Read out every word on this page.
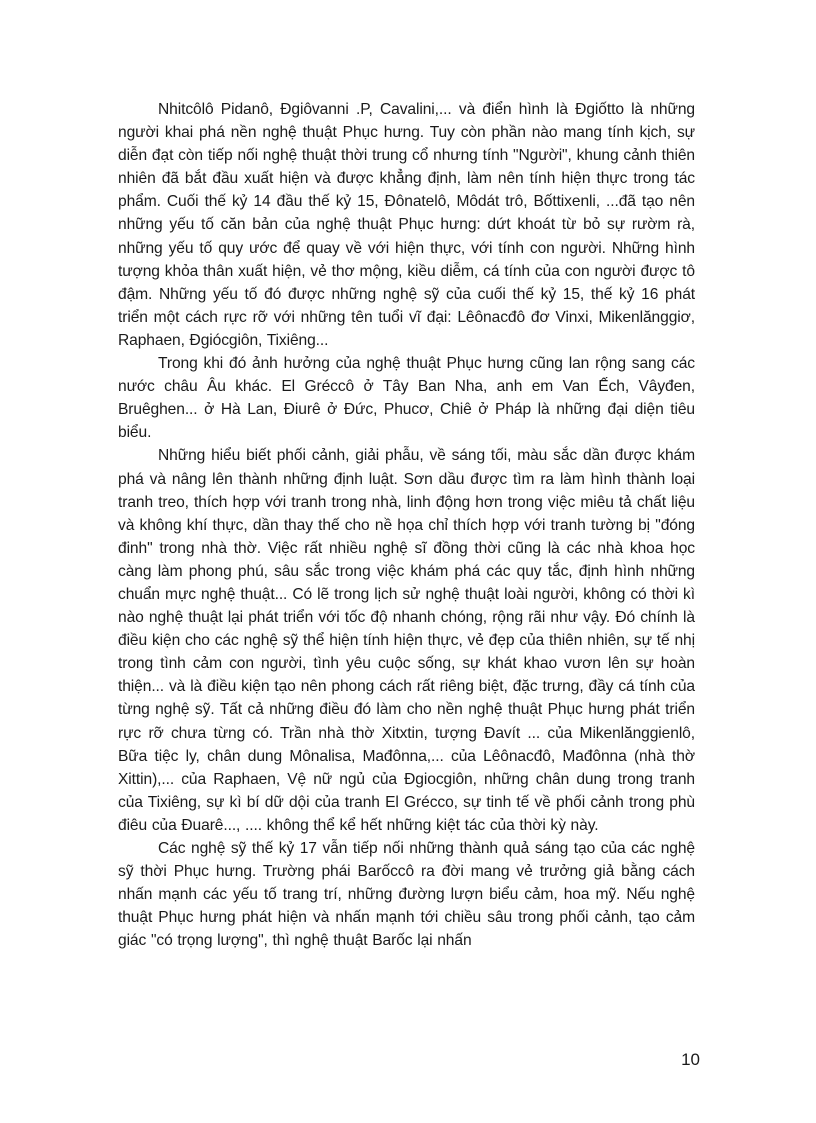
Nhitcôlô Pidanô, Đgiôvanni .P, Cavalini,... và điển hình là Đgiốtto là những người khai phá nền nghệ thuật Phục hưng. Tuy còn phần nào mang tính kịch, sự diễn đạt còn tiếp nối nghệ thuật thời trung cổ nhưng tính "Người", khung cảnh thiên nhiên đã bắt đầu xuất hiện và được khẳng định, làm nên tính hiện thực trong tác phẩm. Cuối thế kỷ 14 đầu thế kỷ 15, Đônatelô, Môdát trô, Bốttixenli, ...đã tạo nên những yếu tố căn bản của nghệ thuật Phục hưng: dứt khoát từ bỏ sự rườm rà, những yếu tố quy ước để quay về với hiện thực, với tính con người. Những hình tượng khỏa thân xuất hiện, vẻ thơ mộng, kiều diễm, cá tính của con người được tô đậm. Những yếu tố đó được những nghệ sỹ của cuối thế kỷ 15, thế kỷ 16 phát triển một cách rực rỡ với những tên tuổi vĩ đại: Lêônacđô đơ Vinxi, Mikenlănggiơ, Raphaen, Đgiócgiôn, Tixiêng...

Trong khi đó ảnh hưởng của nghệ thuật Phục hưng cũng lan rộng sang các nước châu Âu khác. El Gréccô ở Tây Ban Nha, anh em Van Ếch, Vâyđen, Bruêghen... ở Hà Lan, Điurê ở Đức, Phucơ, Chiê ở Pháp là những đại diện tiêu biểu.

Những hiểu biết phối cảnh, giải phẫu, về sáng tối, màu sắc dần được khám phá và nâng lên thành những định luật. Sơn dầu được tìm ra làm hình thành loại tranh treo, thích hợp với tranh trong nhà, linh động hơn trong việc miêu tả chất liệu và không khí thực, dần thay thế cho nề họa chỉ thích hợp với tranh tường bị "đóng đinh" trong nhà thờ. Việc rất nhiều nghệ sĩ đồng thời cũng là các nhà khoa học càng làm phong phú, sâu sắc trong việc khám phá các quy tắc, định hình những chuẩn mực nghệ thuật... Có lẽ trong lịch sử nghệ thuật loài người, không có thời kì nào nghệ thuật lại phát triển với tốc độ nhanh chóng, rộng rãi như vậy. Đó chính là điều kiện cho các nghệ sỹ thể hiện tính hiện thực, vẻ đẹp của thiên nhiên, sự tế nhị trong tình cảm con người, tình yêu cuộc sống, sự khát khao vươn lên sự hoàn thiện... và là điều kiện tạo nên phong cách rất riêng biệt, đặc trưng, đầy cá tính của từng nghệ sỹ. Tất cả những điều đó làm cho nền nghệ thuật Phục hưng phát triển rực rỡ chưa từng có. Trần nhà thờ Xitxtin, tượng Đavít ... của Mikenlănggienlô, Bữa tiệc ly, chân dung Mônalisa, Mađônna,... của Lêônacđô, Mađônna (nhà thờ Xittin),... của Raphaen, Vệ nữ ngủ của Đgiocgiôn, những chân dung trong tranh của Tixiêng, sự kì bí dữ dội của tranh El Grécco, sự tinh tế về phối cảnh trong phù điêu của Đuarê..., .... không thể kể hết những kiệt tác của thời kỳ này.

Các nghệ sỹ thế kỷ 17 vẫn tiếp nối những thành quả sáng tạo của các nghệ sỹ thời Phục hưng. Trường phái Barốccô ra đời mang vẻ trưởng giả bằng cách nhấn mạnh các yếu tố trang trí, những đường lượn biểu cảm, hoa mỹ. Nếu nghệ thuật Phục hưng phát hiện và nhấn mạnh tới chiều sâu trong phối cảnh, tạo cảm giác "có trọng lượng", thì nghệ thuật Barốc lại nhấn

10
